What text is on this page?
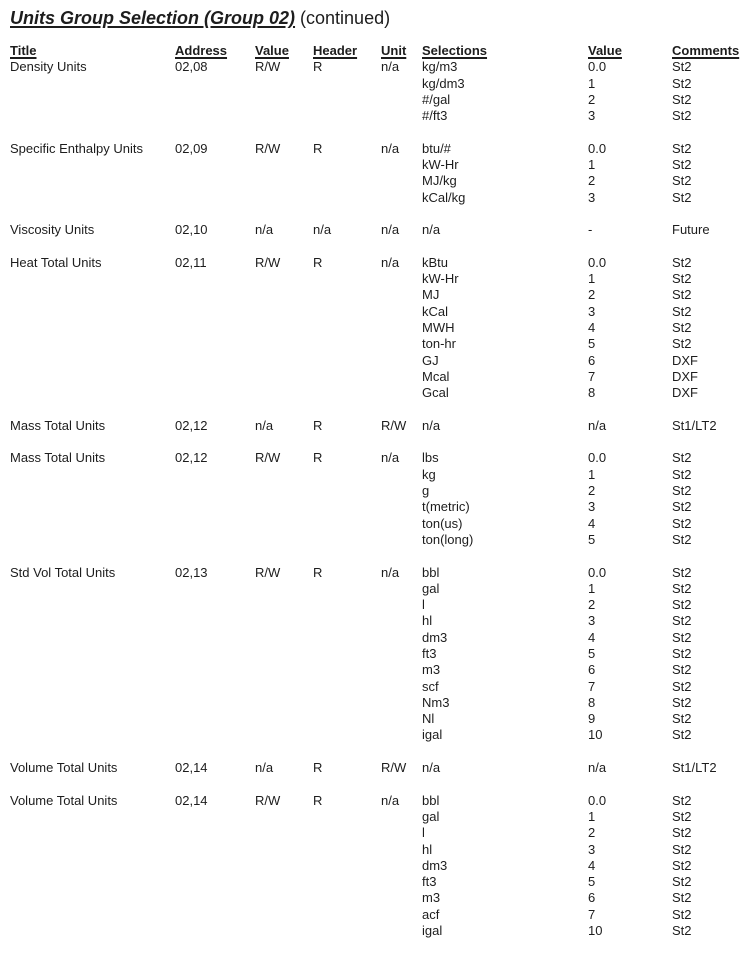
Units Group Selection (Group 02) (continued)
Title	Address	Value	Header	Unit	Selections	Value	Comments
Density Units	02,08	R/W	R	n/a	kg/m3	0.0	St2
kg/dm3	1	St2
#/gal	2	St2
#/ft3	3	St2
Specific Enthalpy Units	02,09	R/W	R	n/a	btu/#	0.0	St2
kW-Hr	1	St2
MJ/kg	2	St2
kCal/kg	3	St2
Viscosity Units	02,10	n/a	n/a	n/a	n/a	-	Future
Heat Total Units	02,11	R/W	R	n/a	kBtu	0.0	St2
kW-Hr	1	St2
MJ	2	St2
kCal	3	St2
MWH	4	St2
ton-hr	5	St2
GJ	6	DXF
Mcal	7	DXF
Gcal	8	DXF
Mass Total Units	02,12	n/a	R	R/W	n/a	n/a	St1/LT2
Mass Total Units	02,12	R/W	R	n/a	lbs	0.0	St2
kg	1	St2
g	2	St2
t(metric)	3	St2
ton(us)	4	St2
ton(long)	5	St2
Std Vol Total Units	02,13	R/W	R	n/a	bbl	0.0	St2
gal	1	St2
l	2	St2
hl	3	St2
dm3	4	St2
ft3	5	St2
m3	6	St2
scf	7	St2
Nm3	8	St2
Nl	9	St2
igal	10	St2
Volume Total Units	02,14	n/a	R	R/W	n/a	n/a	St1/LT2
Volume Total Units	02,14	R/W	R	n/a	bbl	0.0	St2
gal	1	St2
l	2	St2
hl	3	St2
dm3	4	St2
ft3	5	St2
m3	6	St2
acf	7	St2
igal	10	St2
